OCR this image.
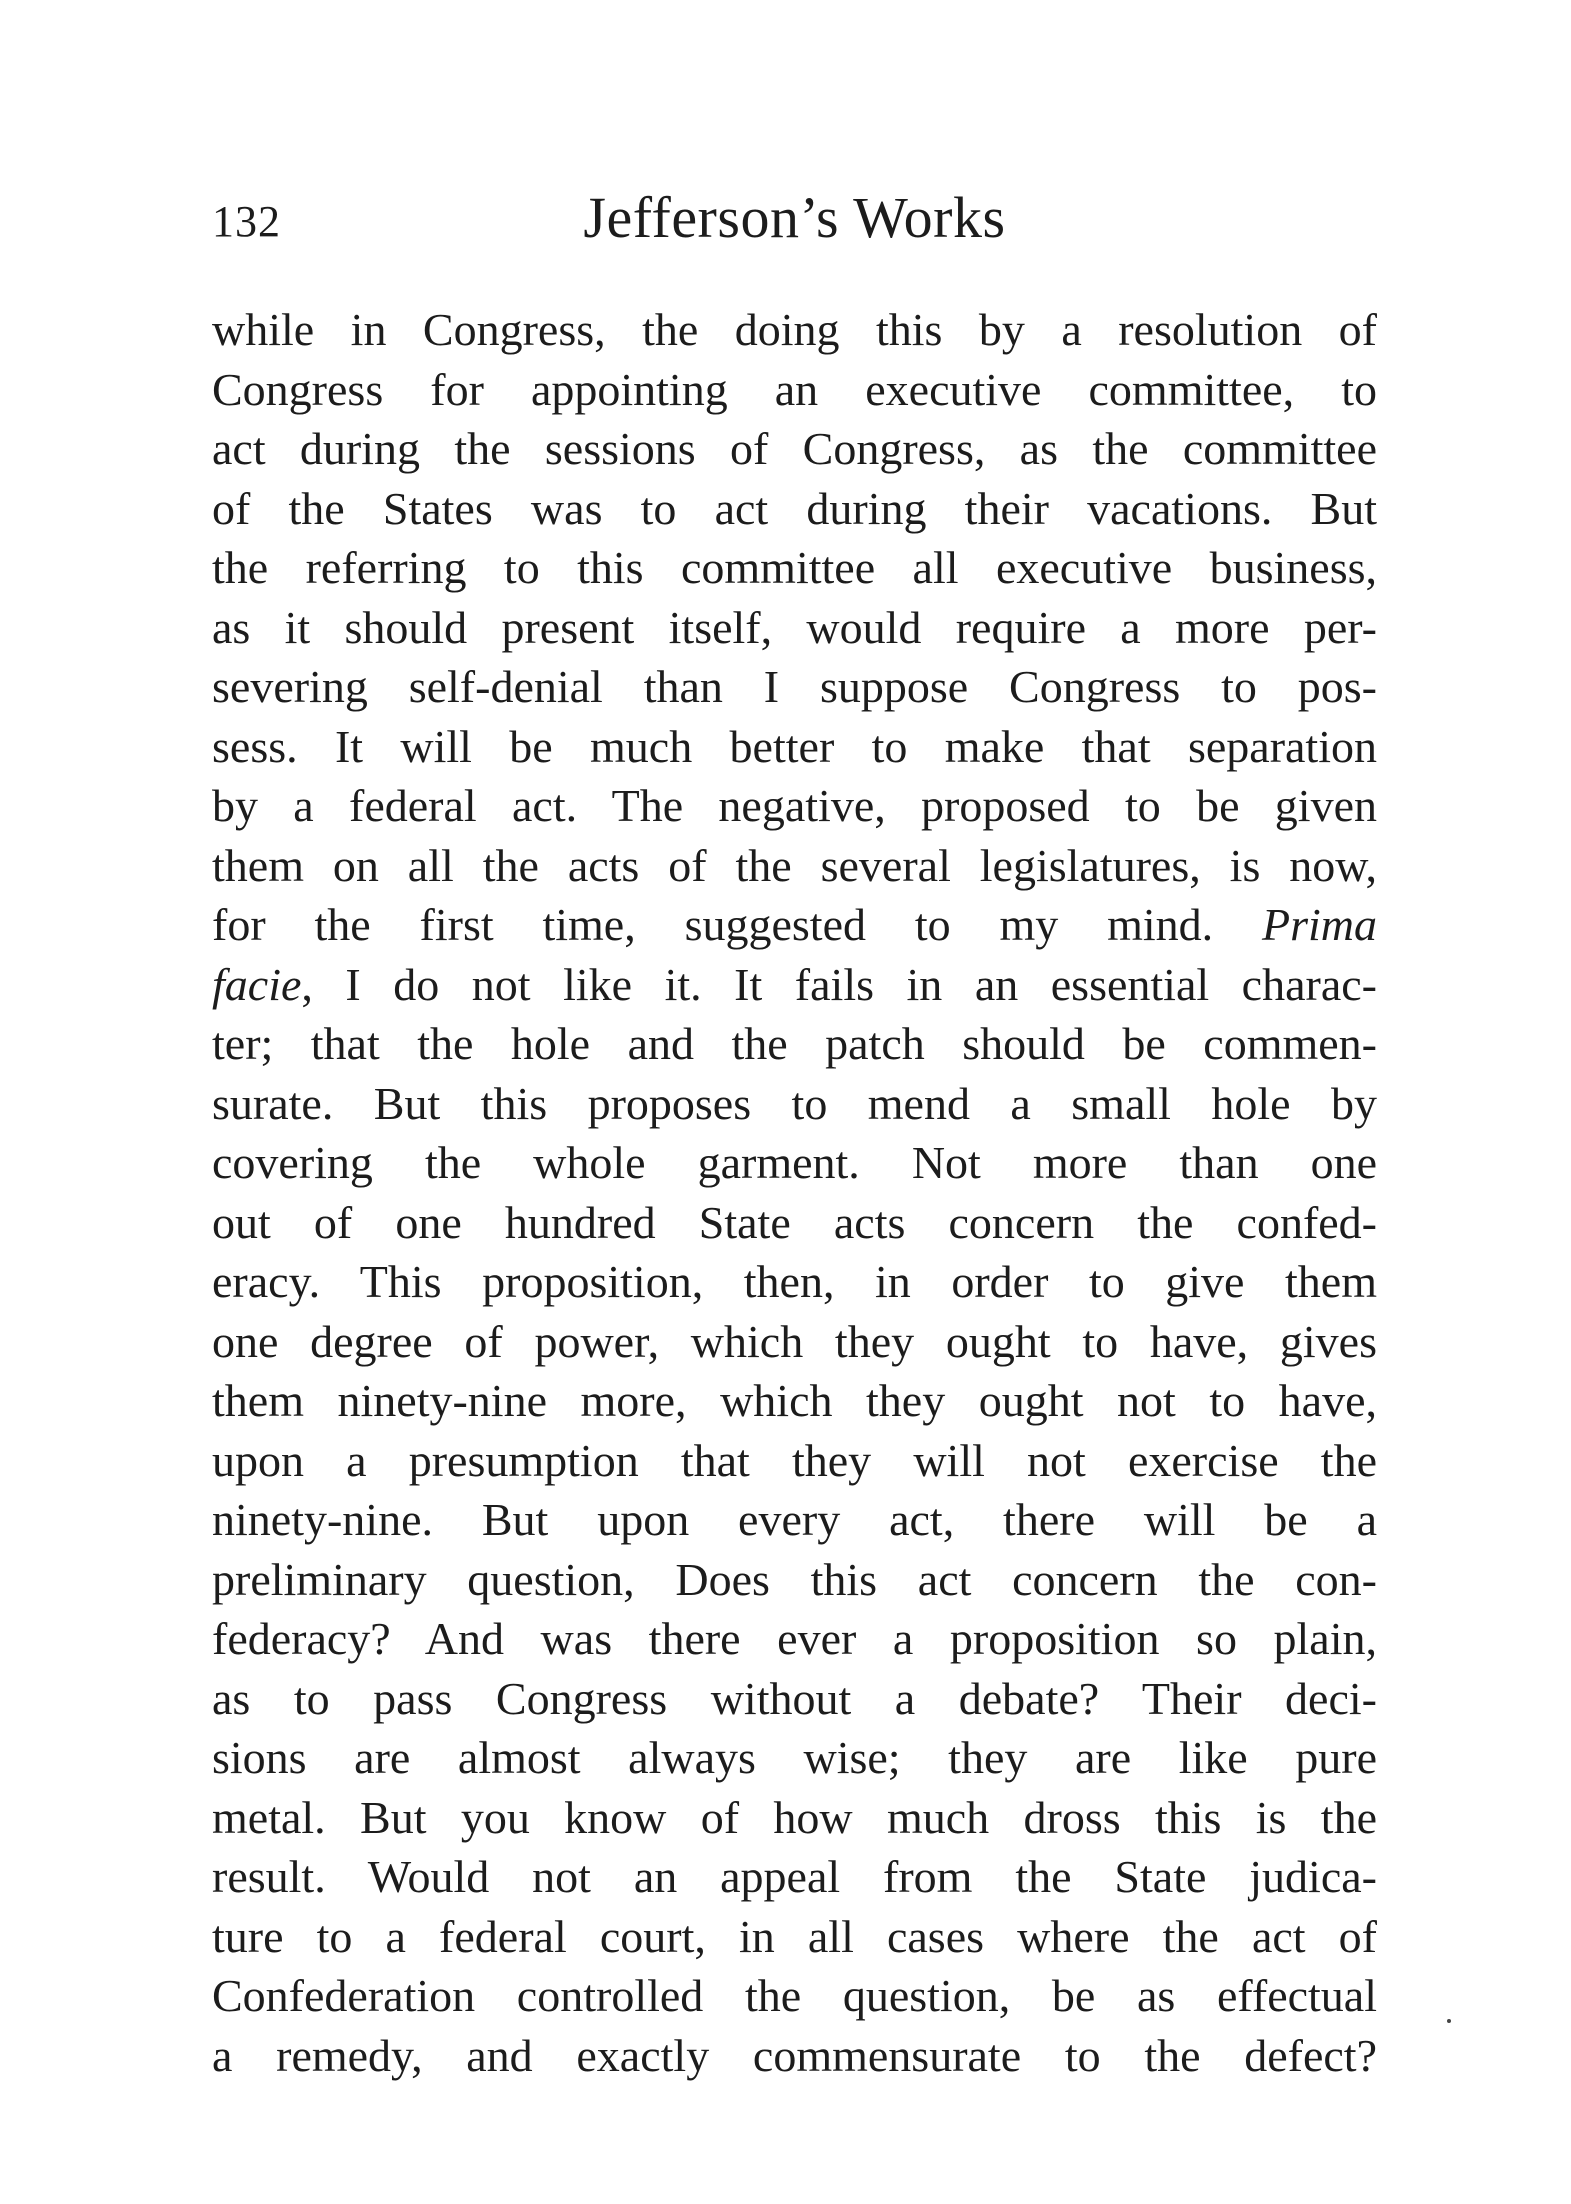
132	Jefferson’s Works
while in Congress, the doing this by a resolution of
Congress for appointing an executive committee, to
act during the sessions of Congress, as the committee
of the States was to act during their vacations. But
the referring to this committee all executive business,
as it should present itself, would require a more per-
severing self-denial than I suppose Congress to pos-
sess. It will be much better to make that separation
by a federal act. The negative, proposed to be given
them on all the acts of the several legislatures, is now,
for the first time, suggested to my mind. Prima
facie, I do not like it. It fails in an essential charac-
ter; that the hole and the patch should be commen-
surate. But this proposes to mend a small hole by
covering the whole garment. Not more than one
out of one hundred State acts concern the confed-
eracy. This proposition, then, in order to give them
one degree of power, which they ought to have, gives
them ninety-nine more, which they ought not to have,
upon a presumption that they will not exercise the
ninety-nine. But upon every act, there will be a
preliminary question, Does this act concern the con-
federacy? And was there ever a proposition so plain,
as to pass Congress without a debate? Their deci-
sions are almost always wise; they are like pure
metal. But you know of how much dross this is the
result. Would not an appeal from the State judica-
ture to a federal court, in all cases where the act of
Confederation controlled the question, be as effectual
a remedy, and exactly commensurate to the defect?
